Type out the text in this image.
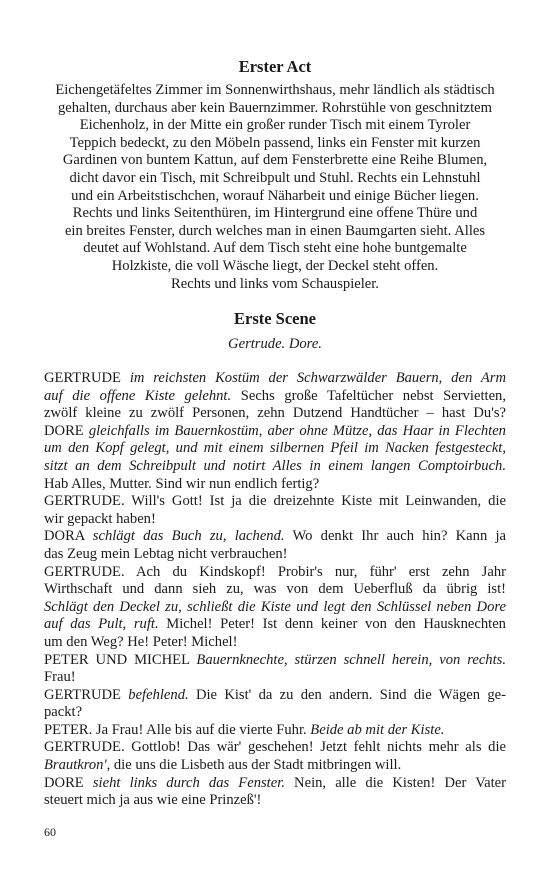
Erster Act
Eichengetäfeltes Zimmer im Sonnenwirthshaus, mehr ländlich als städtisch
gehalten, durchaus aber kein Bauernzimmer. Rohrstühle von geschnitztem
Eichenholz, in der Mitte ein großer runder Tisch mit einem Tyroler
Teppich bedeckt, zu den Möbeln passend, links ein Fenster mit kurzen
Gardinen von buntem Kattun, auf dem Fensterbrette eine Reihe Blumen,
dicht davor ein Tisch, mit Schreibpult und Stuhl. Rechts ein Lehnstuhl
und ein Arbeitstischchen, worauf Näharbeit und einige Bücher liegen.
Rechts und links Seitenthüren, im Hintergrund eine offene Thüre und
ein breites Fenster, durch welches man in einen Baumgarten sieht. Alles
deutet auf Wohlstand. Auf dem Tisch steht eine hohe buntgemalte
Holzkiste, die voll Wäsche liegt, der Deckel steht offen.
Rechts und links vom Schauspieler.
Erste Scene
Gertrude. Dore.
GERTRUDE im reichsten Kostüm der Schwarzwälder Bauern, den Arm
auf die offene Kiste gelehnt. Sechs große Tafeltücher nebst Servietten,
zwölf kleine zu zwölf Personen, zehn Dutzend Handtücher – hast Du's?
DORE gleichfalls im Bauernkostüm, aber ohne Mütze, das Haar in Flechten
um den Kopf gelegt, und mit einem silbernen Pfeil im Nacken festgesteckt,
sitzt an dem Schreibpult und notirt Alles in einem langen Comptoirbuch.
Hab Alles, Mutter. Sind wir nun endlich fertig?
GERTRUDE. Will's Gott! Ist ja die dreizehnte Kiste mit Leinwanden, die
wir gepackt haben!
DORA schlägt das Buch zu, lachend. Wo denkt Ihr auch hin? Kann ja
das Zeug mein Lebtag nicht verbrauchen!
GERTRUDE. Ach du Kindskopf! Probir's nur, führ' erst zehn Jahr
Wirthschaft und dann sieh zu, was von dem Ueberfluß da übrig ist!
Schlägt den Deckel zu, schließt die Kiste und legt den Schlüssel neben Dore
auf das Pult, ruft. Michel! Peter! Ist denn keiner von den Hausknechten
um den Weg? He! Peter! Michel!
PETER UND MICHEL Bauernknechte, stürzen schnell herein, von rechts.
Frau!
GERTRUDE befehlend. Die Kist' da zu den andern. Sind die Wägen ge-
packt?
PETER. Ja Frau! Alle bis auf die vierte Fuhr. Beide ab mit der Kiste.
GERTRUDE. Gottlob! Das wär' geschehen! Jetzt fehlt nichts mehr als die
Brautkron', die uns die Lisbeth aus der Stadt mitbringen will.
DORE sieht links durch das Fenster. Nein, alle die Kisten! Der Vater
steuert mich ja aus wie eine Prinzeß'!
60
